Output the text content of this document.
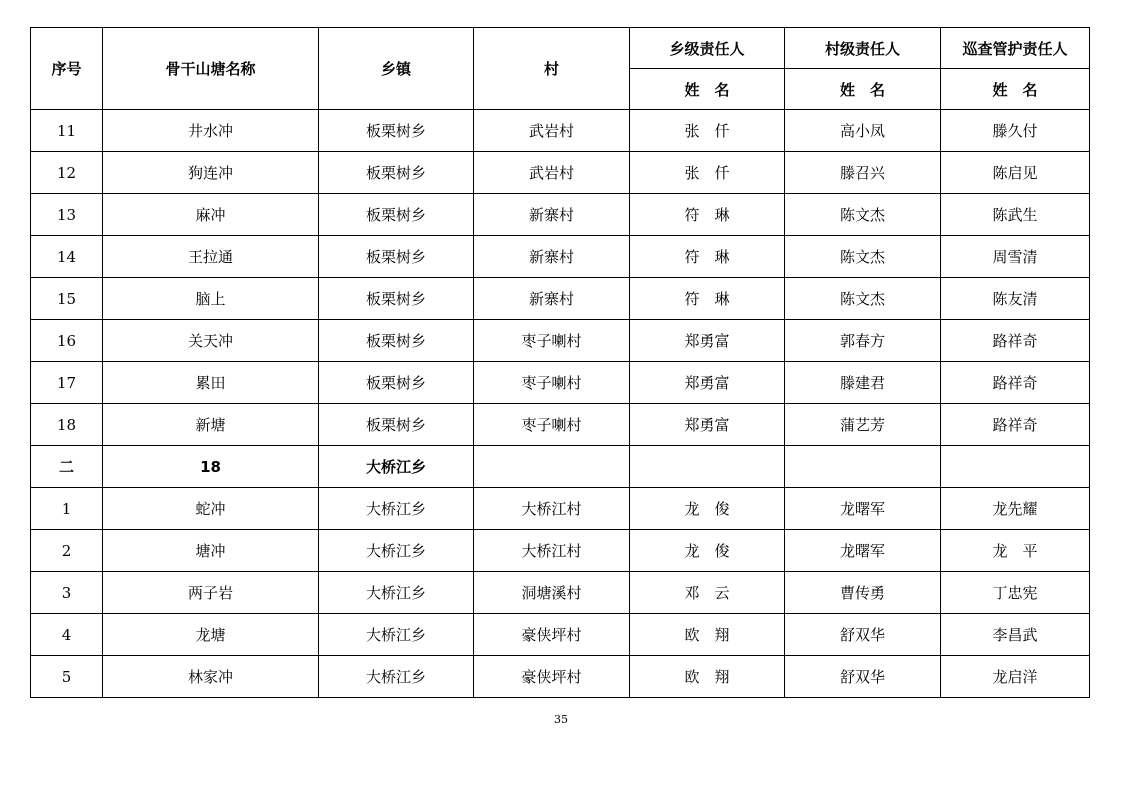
序号	骨干山塘名称	乡镇	村	乡级责任人	村级责任人	巡查管护责任人
				姓　名	姓　名	姓　名
11	井水冲	板栗树乡	武岩村	张　仟	高小凤	滕久付
12	狗连冲	板栗树乡	武岩村	张　仟	滕召兴	陈启见
13	麻冲	板栗树乡	新寨村	符　琳	陈文杰	陈武生
14	王拉通	板栗树乡	新寨村	符　琳	陈文杰	周雪清
15	脑上	板栗树乡	新寨村	符　琳	陈文杰	陈友清
16	关天冲	板栗树乡	枣子喇村	郑勇富	郭春方	路祥奇
17	累田	板栗树乡	枣子喇村	郑勇富	滕建君	路祥奇
18	新塘	板栗树乡	枣子喇村	郑勇富	蒲艺芳	路祥奇
二	18	大桥江乡				
1	蛇冲	大桥江乡	大桥江村	龙　俊	龙曙军	龙先耀
2	塘冲	大桥江乡	大桥江村	龙　俊	龙曙军	龙　平
3	两子岩	大桥江乡	洞塘溪村	邓　云	曹传勇	丁忠宪
4	龙塘	大桥江乡	豪侠坪村	欧　翔	舒双华	李昌武
5	林家冲	大桥江乡	豪侠坪村	欧　翔	舒双华	龙启洋
35
